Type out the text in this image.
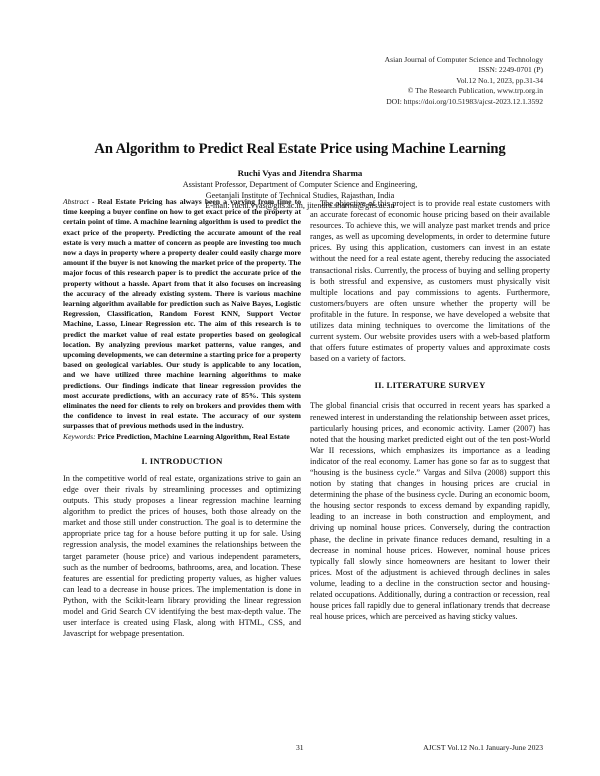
Asian Journal of Computer Science and Technology
ISSN: 2249-0701 (P)
Vol.12 No.1, 2023, pp.31-34
© The Research Publication, www.trp.org.in
DOI: https://doi.org/10.51983/ajcst-2023.12.1.3592
An Algorithm to Predict Real Estate Price using Machine Learning
Ruchi Vyas and Jitendra Sharma
Assistant Professor, Department of Computer Science and Engineering,
Geetanjali Institute of Technical Studies, Rajasthan, India
E-mail: ruchi.vyas@gits.ac.in, jitendra.sharma@gits.ac.in

Abstract - Real Estate Pricing has always been a varying from time to time keeping a buyer confine on how to get exact price of the property at certain point of time. A machine learning algorithm is used to predict the exact price of the property. Predicting the accurate amount of the real estate is very much a matter of concern as people are investing too much now a days in property where a property dealer could easily charge more amount if the buyer is not knowing the market price of the property. The major focus of this research paper is to predict the accurate price of the property without a hassle. Apart from that it also focuses on increasing the accuracy of the already existing system. There is various machine learning algorithm available for prediction such as Naive Bayes, Logistic Regression, Classification, Random Forest KNN, Support Vector Machine, Lasso, Linear Regression etc. The aim of this research is to predict the market value of real estate properties based on geological location. By analyzing previous market patterns, value ranges, and upcoming developments, we can determine a starting price for a property based on geological variables. Our study is applicable to any location, and we have utilized three machine learning algorithms to make predictions. Our findings indicate that linear regression provides the most accurate predictions, with an accuracy rate of 85%. This system eliminates the need for clients to rely on brokers and provides them with the confidence to invest in real estate. The accuracy of our system surpasses that of previous methods used in the industry.

Keywords: Price Prediction, Machine Learning Algorithm, Real Estate

I. INTRODUCTION

In the competitive world of real estate, organizations strive to gain an edge over their rivals by streamlining processes and optimizing outputs. This study proposes a linear regression machine learning algorithm to predict the prices of houses, both those already on the market and those still under construction. The goal is to determine the appropriate price tag for a house before putting it up for sale. Using regression analysis, the model examines the relationships between the target parameter (house price) and various independent parameters, such as the number of bedrooms, bathrooms, area, and location. These features are essential for predicting property values, as higher values can lead to a decrease in house prices. The implementation is done in Python, with the Scikit-learn library providing the linear regression model and Grid Search CV identifying the best max-depth value. The user interface is created using Flask, along with HTML, CSS, and Javascript for webpage presentation.

The objective of this project is to provide real estate customers with an accurate forecast of economic house pricing based on their available resources. To achieve this, we will analyze past market trends and price ranges, as well as upcoming developments, in order to determine future prices. By using this application, customers can invest in an estate without the need for a real estate agent, thereby reducing the associated transactional risks. Currently, the process of buying and selling property is both stressful and expensive, as customers must physically visit multiple locations and pay commissions to agents. Furthermore, customers/buyers are often unsure whether the property will be profitable in the future. In response, we have developed a website that utilizes data mining techniques to overcome the limitations of the current system. Our website provides users with a web-based platform that offers future estimates of property values and approximate costs based on a variety of factors.

II. LITERATURE SURVEY

The global financial crisis that occurred in recent years has sparked a renewed interest in understanding the relationship between asset prices, particularly housing prices, and economic activity. Lamer (2007) has noted that the housing market predicted eight out of the ten post-World War II recessions, which emphasizes its importance as a leading indicator of the real economy. Lamer has gone so far as to suggest that “housing is the business cycle.” Vargas and Silva (2008) support this notion by stating that changes in housing prices are crucial in determining the phase of the business cycle. During an economic boom, the housing sector responds to excess demand by expanding rapidly, leading to an increase in both construction and employment, and driving up nominal house prices. Conversely, during the contraction phase, the decline in private finance reduces demand, resulting in a decrease in nominal house prices. However, nominal house prices typically fall slowly since homeowners are hesitant to lower their prices. Most of the adjustment is achieved through declines in sales volume, leading to a decline in the construction sector and housing-related occupations. Additionally, during a contraction or recession, real house prices fall rapidly due to general inflationary trends that decrease real house prices, which are perceived as having sticky values.

31	AJCST Vol.12 No.1 January-June 2023
